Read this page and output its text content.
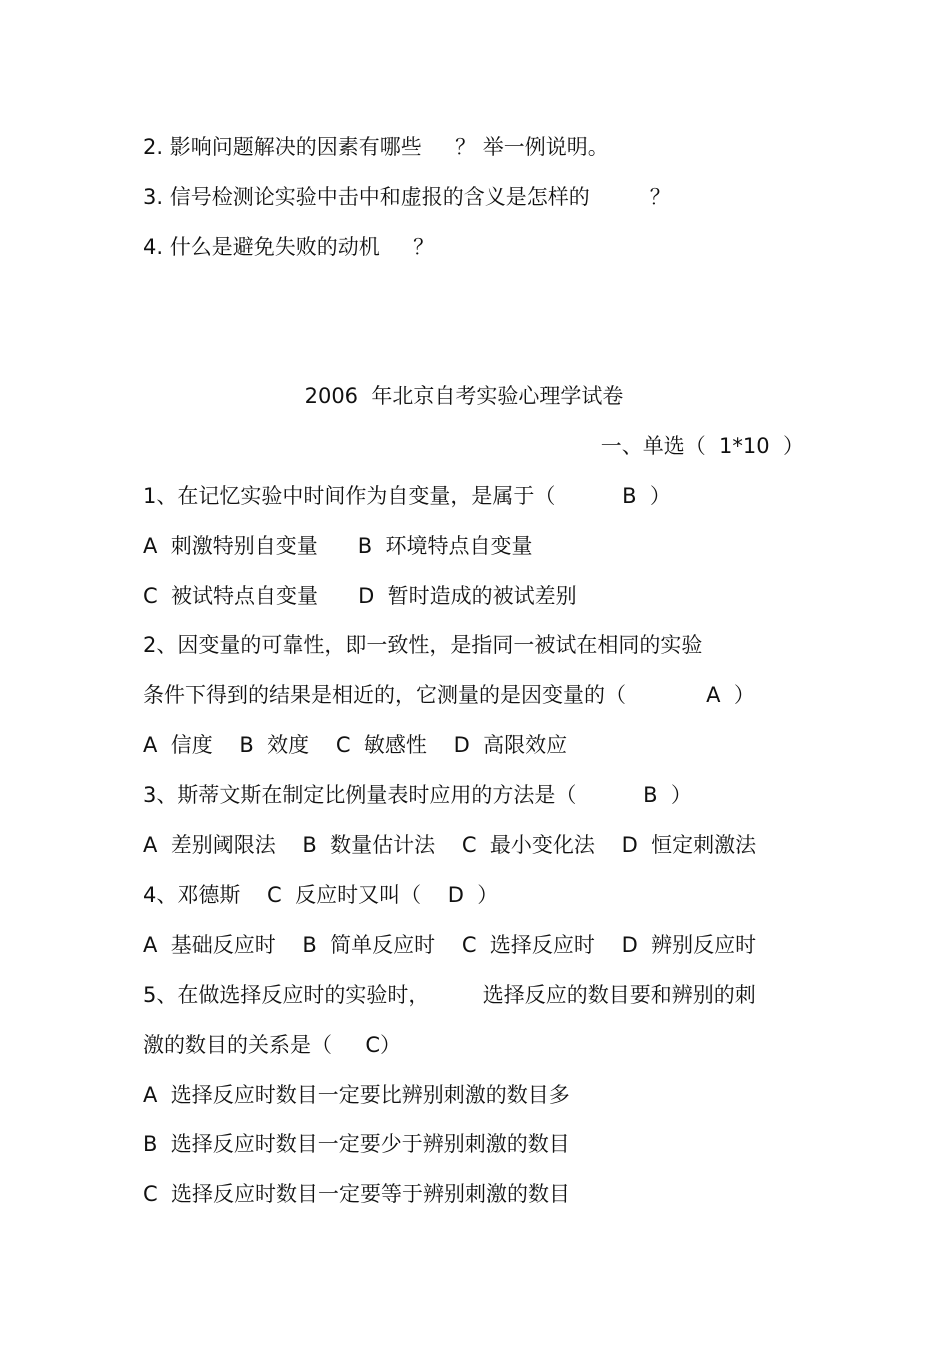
2. 影响问题解决的因素有哪些     ？ 举一例说明。
3. 信号检测论实验中击中和虚报的含义是怎样的         ？
4. 什么是避免失败的动机     ？
2006  年北京自考实验心理学试卷
一、单选（  1*10  ）
1、在记忆实验中时间作为自变量，是属于（          B  ）
A  刺激特别自变量      B  环境特点自变量
C  被试特点自变量      D  暂时造成的被试差别
2、因变量的可靠性，即一致性，是指同一被试在相同的实验
条件下得到的结果是相近的，它测量的是因变量的（            A  ）
A  信度    B  效度    C  敏感性    D  高限效应
3、斯蒂文斯在制定比例量表时应用的方法是（          B  ）
A  差别阈限法    B  数量估计法    C  最小变化法    D  恒定刺激法
4、邓德斯    C  反应时又叫（    D  ）
A  基础反应时    B  简单反应时    C  选择反应时    D  辨别反应时
5、在做选择反应时的实验时，        选择反应的数目要和辨别的刺
激的数目的关系是（     C）
A  选择反应时数目一定要比辨别刺激的数目多
B  选择反应时数目一定要少于辨别刺激的数目
C  选择反应时数目一定要等于辨别刺激的数目
